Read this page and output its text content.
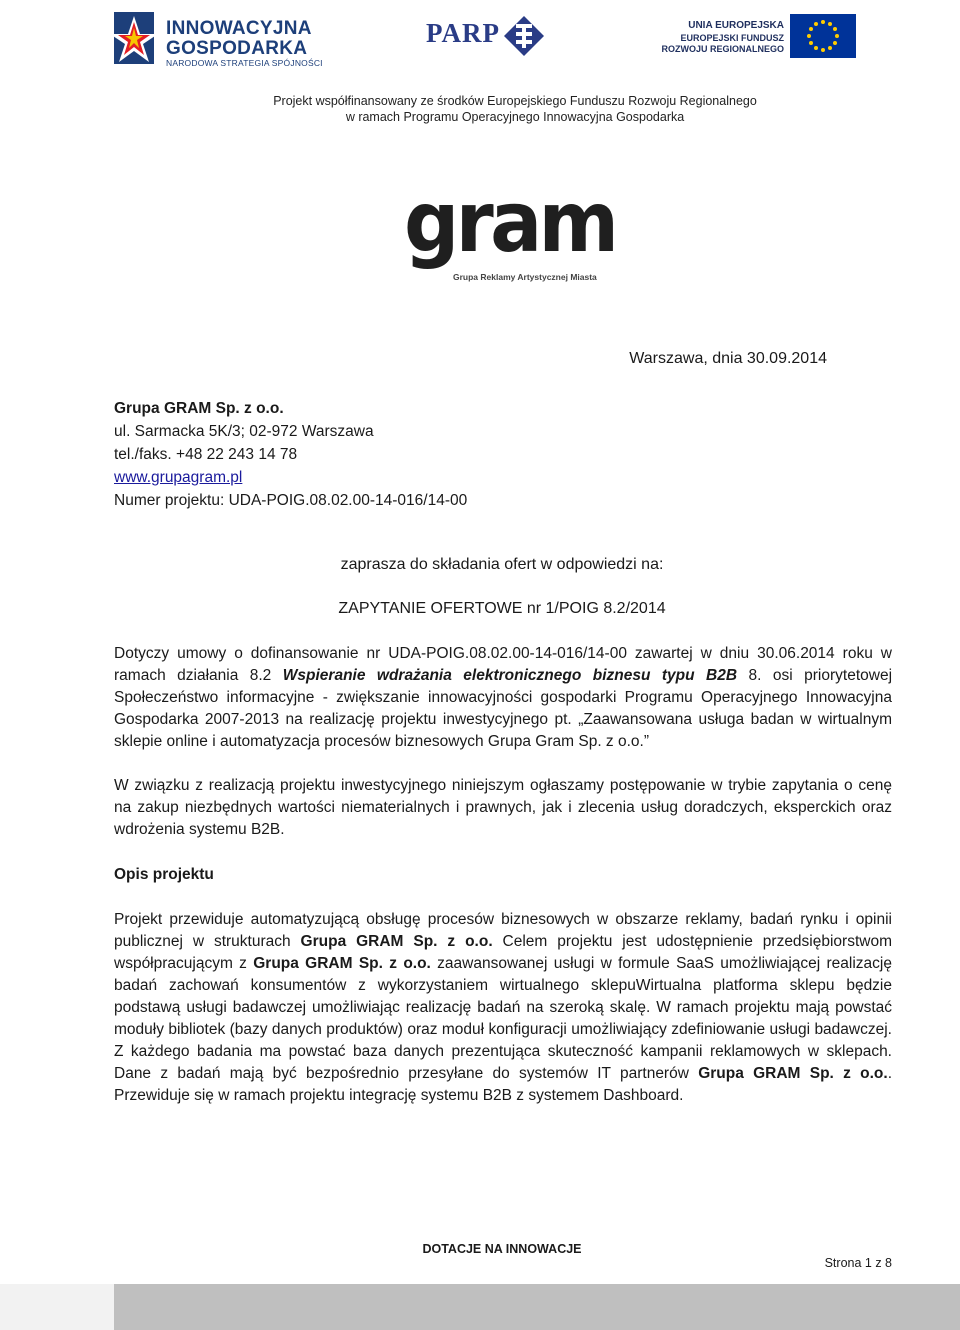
INNOWACYJNA
GOSPODARKA
NARODOWA STRATEGIA SPÓJNOŚCI
PARP	UNIA EUROPEJSKA
EUROPEJSKI FUNDUSZ
ROZWOJU REGIONALNEGO
Projekt współfinansowany ze środków Europejskiego Funduszu Rozwoju Regionalnego
w ramach Programu Operacyjnego Innowacyjna Gospodarka
gram
Grupa Reklamy Artystycznej Miasta
Warszawa, dnia 30.09.2014
Grupa GRAM Sp. z o.o.
ul. Sarmacka 5K/3; 02-972 Warszawa
tel./faks. +48 22 243 14 78
www.grupagram.pl
Numer projektu: UDA-POIG.08.02.00-14-016/14-00
zaprasza do składania ofert w odpowiedzi na:
ZAPYTANIE OFERTOWE nr 1/POIG 8.2/2014
Dotyczy umowy o dofinansowanie nr UDA-POIG.08.02.00-14-016/14-00 zawartej w dniu 30.06.2014 roku w ramach działania 8.2 Wspieranie wdrażania elektronicznego biznesu typu B2B 8. osi priorytetowej Społeczeństwo informacyjne - zwiększanie innowacyjności gospodarki Programu Operacyjnego Innowacyjna Gospodarka 2007-2013 na realizację projektu inwestycyjnego pt. „Zaawansowana usługa badan w wirtualnym sklepie online i automatyzacja procesów biznesowych Grupa Gram Sp. z o.o.”
W związku z realizacją projektu inwestycyjnego niniejszym ogłaszamy postępowanie w trybie zapytania o cenę na zakup niezbędnych wartości niematerialnych i prawnych, jak i zlecenia usług doradczych, eksperckich oraz wdrożenia systemu B2B.
Opis projektu
Projekt przewiduje automatyzującą obsługę procesów biznesowych w obszarze reklamy, badań rynku i opinii publicznej w strukturach Grupa GRAM Sp. z o.o. Celem projektu jest udostępnienie przedsiębiorstwom współpracującym z Grupa GRAM Sp. z o.o. zaawansowanej usługi w formule SaaS umożliwiającej realizację badań zachowań konsumentów z wykorzystaniem wirtualnego sklepuWirtualna platforma sklepu będzie podstawą usługi badawczej umożliwiając realizację badań na szeroką skalę. W ramach projektu mają powstać moduły bibliotek (bazy danych produktów) oraz moduł konfiguracji umożliwiający zdefiniowanie usługi badawczej. Z każdego badania ma powstać baza danych prezentująca skuteczność kampanii reklamowych w sklepach. Dane z badań mają być bezpośrednio przesyłane do systemów IT partnerów Grupa GRAM Sp. z o.o.. Przewiduje się w ramach projektu integrację systemu B2B z systemem Dashboard.
DOTACJE NA INNOWACJE
Strona 1 z 8
